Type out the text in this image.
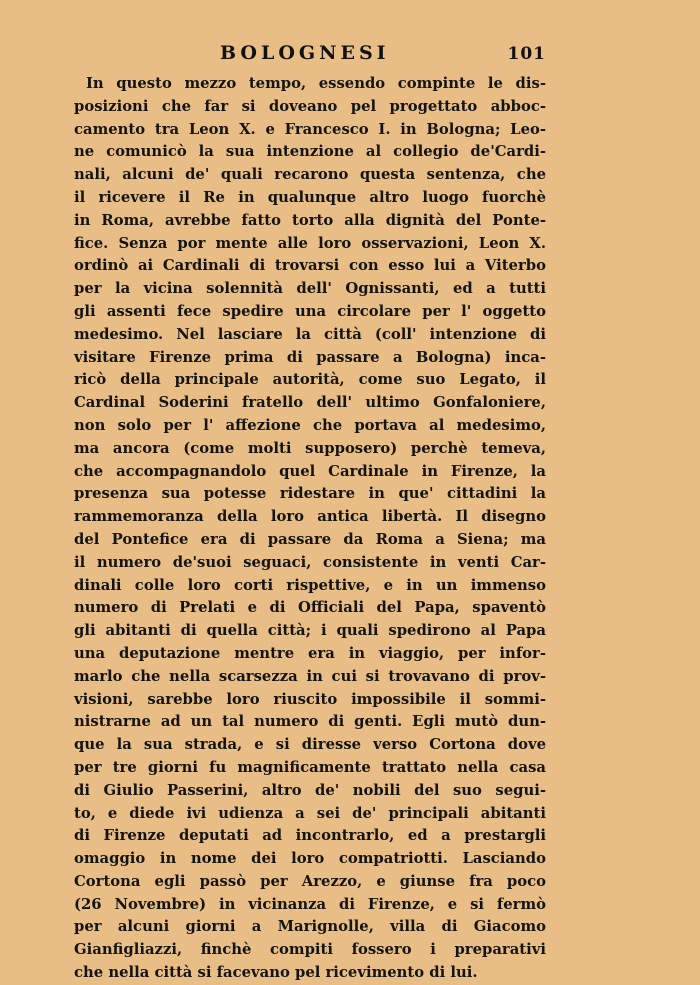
BOLOGNESI	101
In questo mezzo tempo, essendo compinte le dis-
posizioni che far si doveano pel progettato abboc-
camento tra Leon X. e Francesco I. in Bologna; Leo-
ne comunicò la sua intenzione al collegio de'Cardi-
nali, alcuni de' quali recarono questa sentenza, che
il ricevere il Re in qualunque altro luogo fuorchè
in Roma, avrebbe fatto torto alla dignità del Ponte-
fice. Senza por mente alle loro osservazioni, Leon X.
ordinò ai Cardinali di trovarsi con esso lui a Viterbo
per la vicina solennità dell' Ognissanti, ed a tutti
gli assenti fece spedire una circolare per l' oggetto
medesimo. Nel lasciare la città (coll' intenzione di
visitare Firenze prima di passare a Bologna) inca-
ricò della principale autorità, come suo Legato, il
Cardinal Soderini fratello dell' ultimo Gonfaloniere,
non solo per l' affezione che portava al medesimo,
ma ancora (come molti supposero) perchè temeva,
che accompagnandolo quel Cardinale in Firenze, la
presenza sua potesse ridestare in que' cittadini la
rammemoranza della loro antica libertà. Il disegno
del Pontefice era di passare da Roma a Siena; ma
il numero de'suoi seguaci, consistente in venti Car-
dinali colle loro corti rispettive, e in un immenso
numero di Prelati e di Officiali del Papa, spaventò
gli abitanti di quella città; i quali spedirono al Papa
una deputazione mentre era in viaggio, per infor-
marlo che nella scarsezza in cui si trovavano di prov-
visioni, sarebbe loro riuscito impossibile il sommi-
nistrarne ad un tal numero di genti. Egli mutò dun-
que la sua strada, e si diresse verso Cortona dove
per tre giorni fu magnificamente trattato nella casa
di Giulio Passerini, altro de' nobili del suo segui-
to, e diede ivi udienza a sei de' principali abitanti
di Firenze deputati ad incontrarlo, ed a prestargli
omaggio in nome dei loro compatriotti. Lasciando
Cortona egli passò per Arezzo, e giunse fra poco
(26 Novembre) in vicinanza di Firenze, e si fermò
per alcuni giorni a Marignolle, villa di Giacomo
Gianfigliazzi, finchè compiti fossero i preparativi
che nella città si facevano pel ricevimento di lui.
